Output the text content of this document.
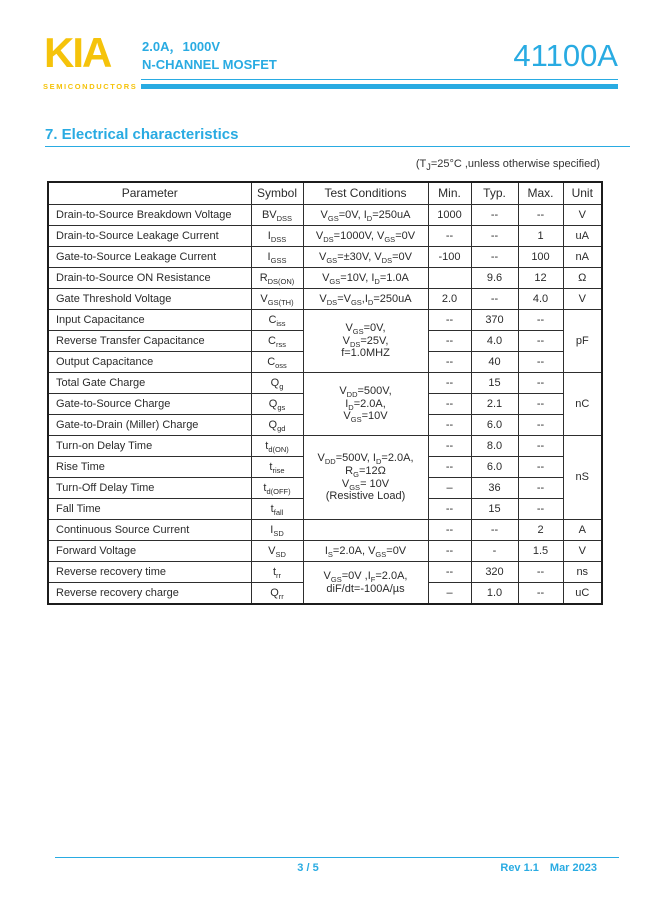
KIA
SEMICONDUCTORS
2.0A，1000V
N-CHANNEL MOSFET	41100A
7. Electrical characteristics
($T_J=25^\circ C$ ,unless otherwise specified)
Parameter	Symbol	Test Conditions	Min.	Typ.	Max.	Unit
Drain-to-Source Breakdown Voltage	$BV_{DSS}$	$V_{GS}=0V$, $I_D=250uA$	1000	--	--	V
Drain-to-Source Leakage Current	$I_{DSS}$	$V_{DS}=1000V$, $V_{GS}=0V$	--	--	1	uA
Gate-to-Source Leakage Current	$I_{GSS}$	$V_{GS}=\pm 30V$, $V_{DS}=0V$	-100	--	100	nA
Drain-to-Source ON Resistance	$R_{DS(ON)}$	$V_{GS}=10V$, $I_D=1.0A$		9.6	12	Ω
Gate Threshold Voltage	$V_{GS(TH)}$	$V_{DS}=V_{GS},I_D=250uA$	2.0	--	4.0	V
Input Capacitance	$C_{iss}$	$V_{GS}=0V$,
$V_{DS}=25V$,
f=1.0MHZ	--	370	--	pF
Reverse Transfer Capacitance	$C_{rss}$		--	4.0	--	
Output Capacitance	$C_{oss}$		--	40	--	
Total Gate Charge	$Q_g$	$V_{DD}=500V$,
$I_D=2.0A$,
$V_{GS}=10V$	--	15	--	nC
Gate-to-Source Charge	$Q_{gs}$		--	2.1	--	
Gate-to-Drain (Miller) Charge	$Q_{gd}$		--	6.0	--	
Turn-on Delay Time	$t_{d(ON)}$	$V_{DD}=500V$, $I_D=2.0A$,
$R_G=12\Omega$
$V_{GS}= 10V$
(Resistive Load)	--	8.0	--	nS
Rise Time	$t_{rise}$		--	6.0	--	
Turn-Off Delay Time	$t_{d(OFF)}$		–	36	--	
Fall Time	$t_{fall}$		--	15	--	
Continuous Source Current	$I_{SD}$		--	--	2	A
Forward Voltage	$V_{SD}$	$I_S=2.0A$, $V_{GS}=0V$	--	-	1.5	V
Reverse recovery time	$t_{rr}$	$V_{GS}=0V$ $,I_F=2.0A$,
diF/dt=-100A/µs	--	320	--	ns
Reverse recovery charge	$Q_{rr}$		–	1.0	--	uC
3 / 5	Rev 1.1 Mar 2023
